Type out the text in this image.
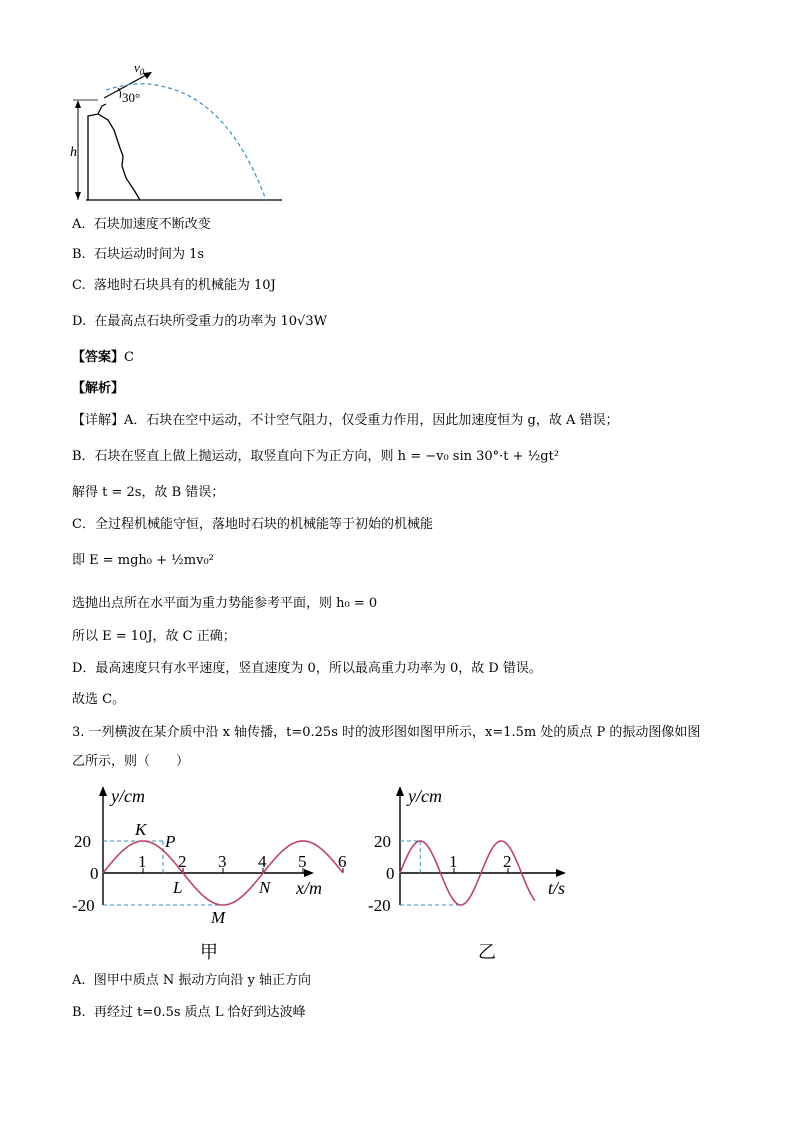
h
$v_0$
30°
A. 石块加速度不断改变
B. 石块运动时间为 1s
C. 落地时石块具有的机械能为 10J
D. 在最高点石块所受重力的功率为 10√3W
【答案】C
【解析】
【详解】A．石块在空中运动，不计空气阻力，仅受重力作用，因此加速度恒为 g，故 A 错误；
B．石块在竖直上做上抛运动，取竖直向下为正方向，则 h = −v₀ sin 30°·t + ½gt²
解得 t = 2s，故 B 错误；
C．全过程机械能守恒，落地时石块的机械能等于初始的机械能
即 E = mgh₀ + ½mv₀²
选抛出点所在水平面为重力势能参考平面，则 h₀ = 0
所以 E = 10J，故 C 正确；
D．最高速度只有水平速度，竖直速度为 0，所以最高重力功率为 0，故 D 错误。
故选 C。
3. 一列横波在某介质中沿 x 轴传播，t=0.25s 时的波形图如图甲所示，x=1.5m 处的质点 P 的振动图像如图
乙所示，则（　　）
y/cm
x/m
20
0
-20
1 2 3 4 5 6
K
P
L
M
N
甲
y/cm
t/s
20
0
-20
1	2
乙
A. 图甲中质点 N 振动方向沿 y 轴正方向
B. 再经过 t=0.5s 质点 L 恰好到达波峰
